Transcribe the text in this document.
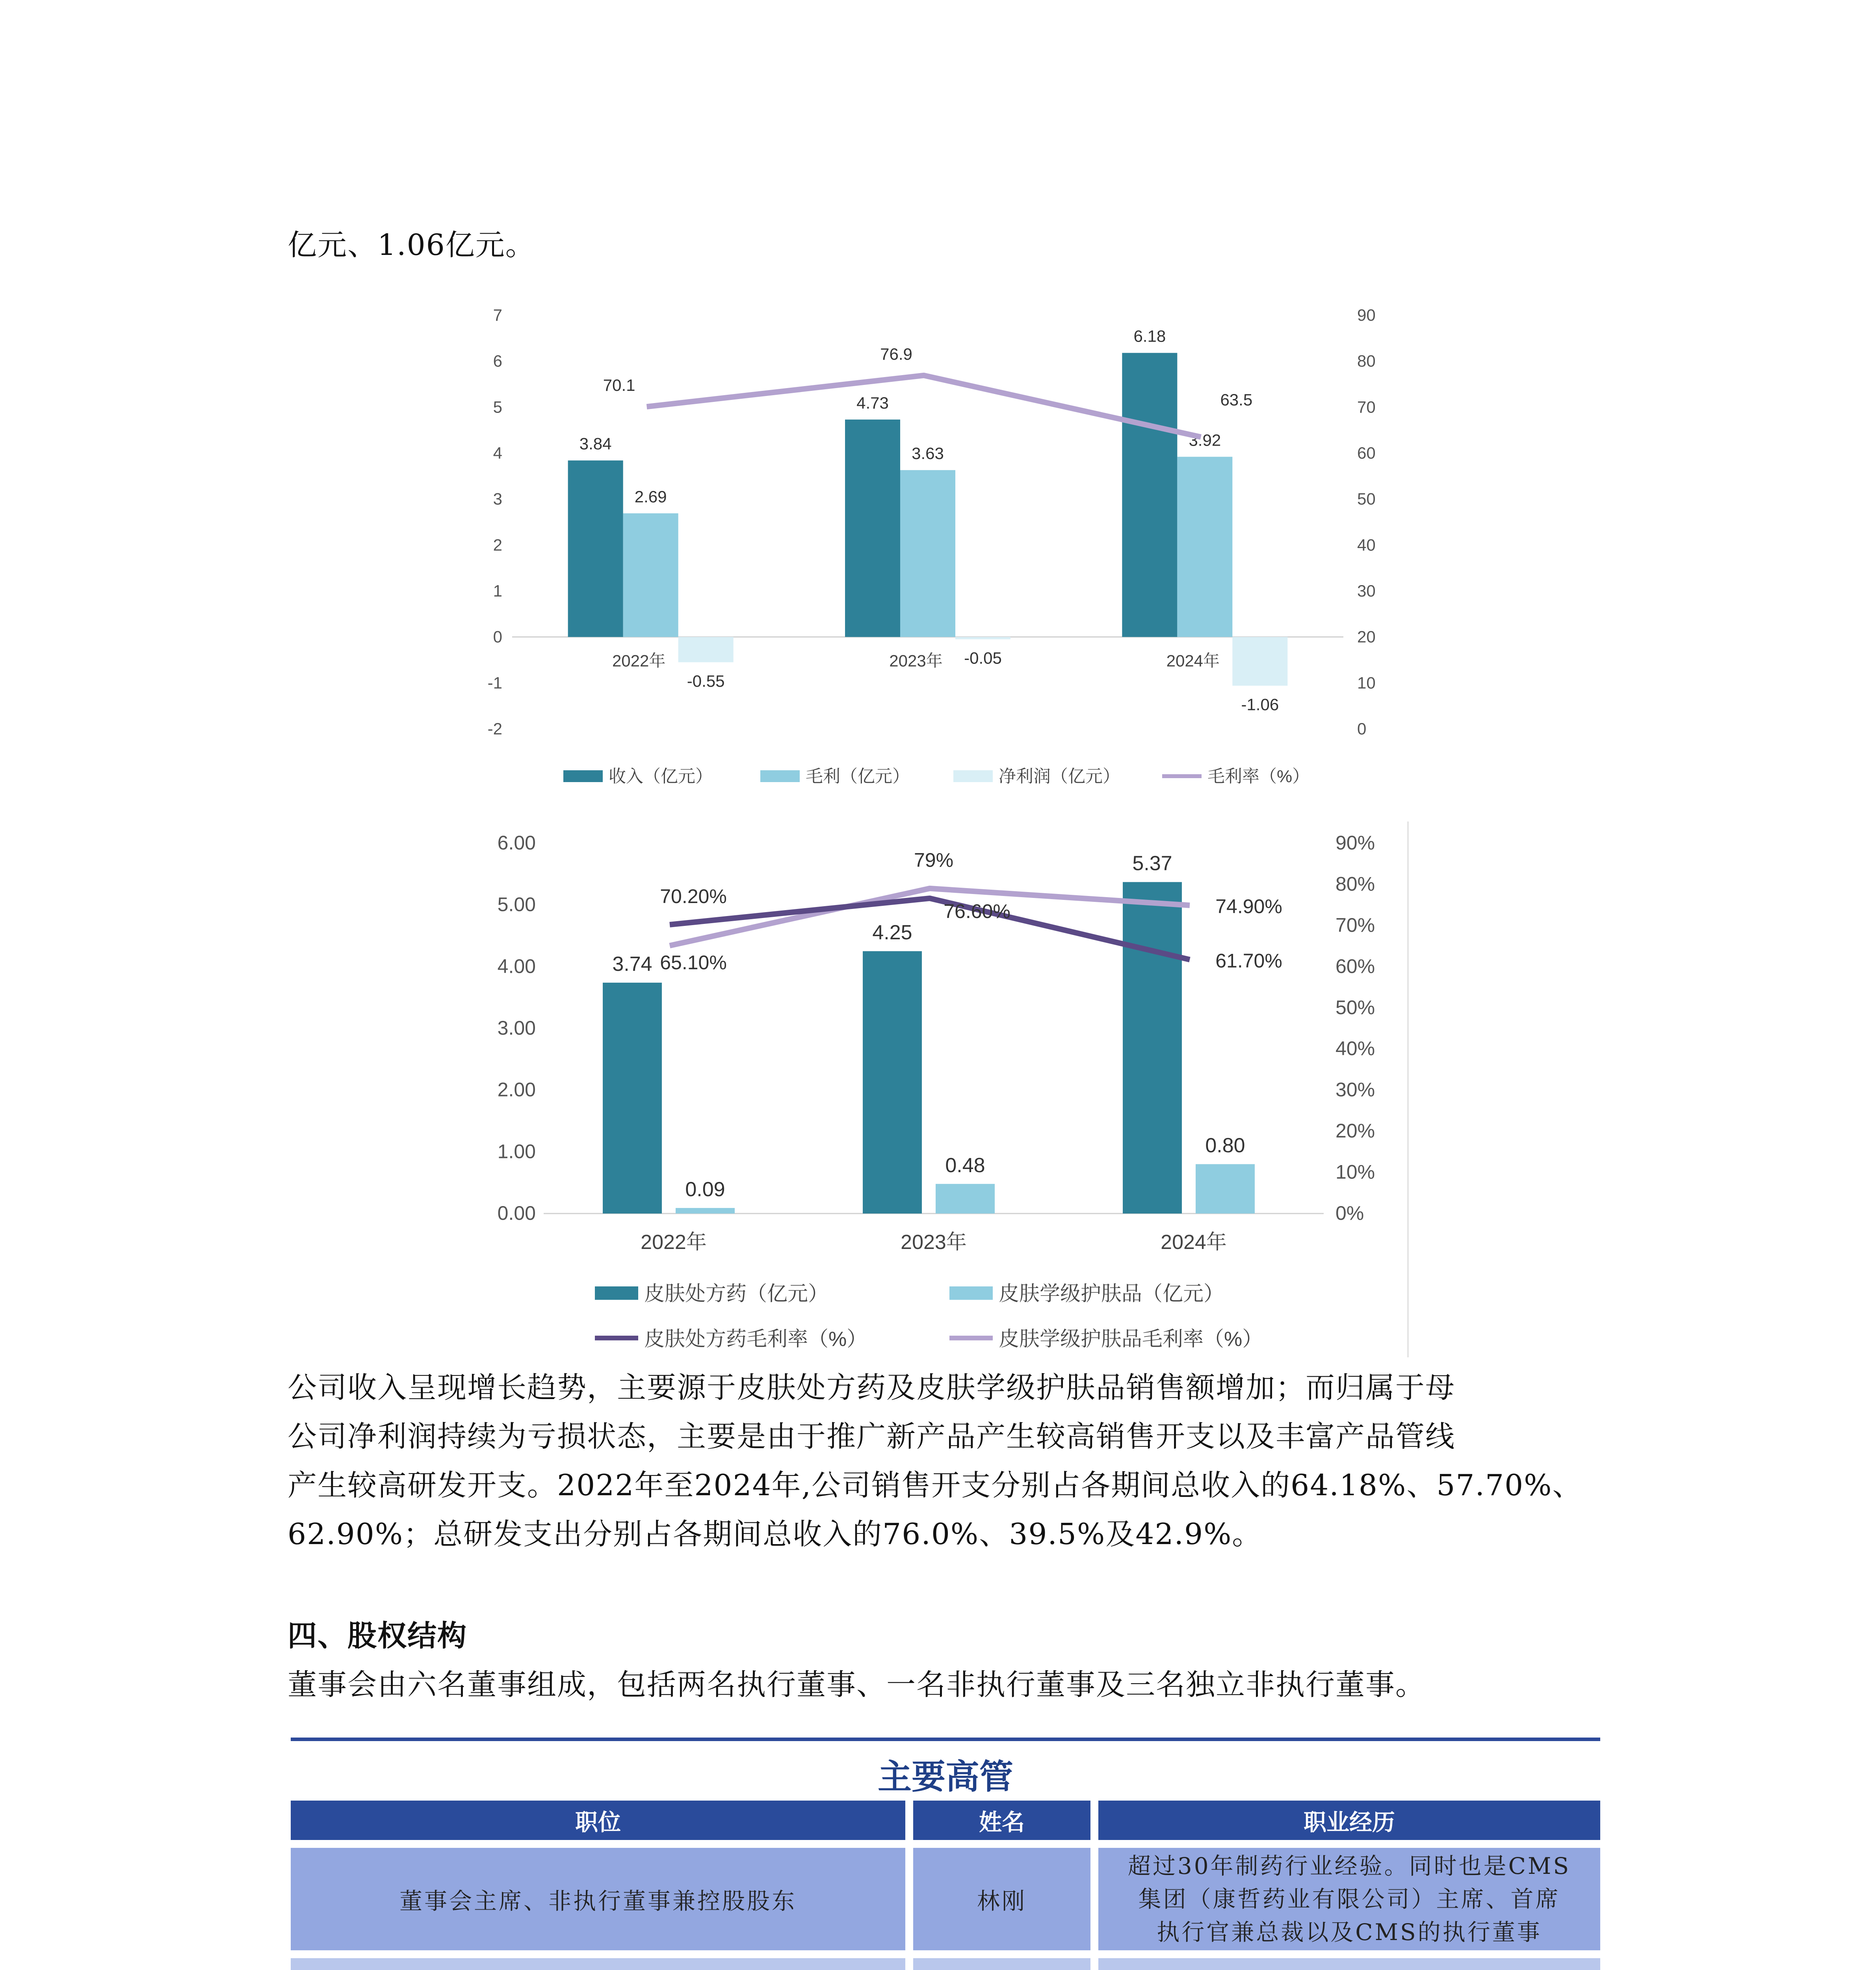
亿元、1.06亿元。
7
6
5
4
3
2
1
0
-1
-2
90
80
70
60
50
40
30
20
10
0
3.84
2.69
-0.55
2022年
4.73
3.63
-0.05
2023年
6.18
3.92
-1.06
2024年
70.1
76.9
63.5
收入（亿元）	毛利（亿元）	净利润（亿元）	毛利率（%）
6.00
5.00
4.00
3.00
2.00
1.00
0.00
90%
80%
70%
60%
50%
40%
30%
20%
10%
0%
3.74
0.09
2022年
4.25
0.48
2023年
5.37
0.80
2024年
70.20%
76.60%
61.70%
65.10%
79%
74.90%
皮肤处方药（亿元）	皮肤学级护肤品（亿元）
皮肤处方药毛利率（%）	皮肤学级护肤品毛利率（%）
公司收入呈现增长趋势，主要源于皮肤处方药及皮肤学级护肤品销售额增加；而归属于母
公司净利润持续为亏损状态，主要是由于推广新产品产生较高销售开支以及丰富产品管线
产生较高研发开支。2022年至2024年,公司销售开支分别占各期间总收入的64.18%、57.70%、
62.90%；总研发支出分别占各期间总收入的76.0%、39.5%及42.9%。
四、股权结构
董事会由六名董事组成，包括两名执行董事、一名非执行董事及三名独立非执行董事。
主要高管
职位	姓名	职业经历
董事会主席、非执行董事兼控股股东	林刚
超过30年制药行业经验。同时也是CMS
集团（康哲药业有限公司）主席、首席
执行官兼总裁以及CMS的执行董事
